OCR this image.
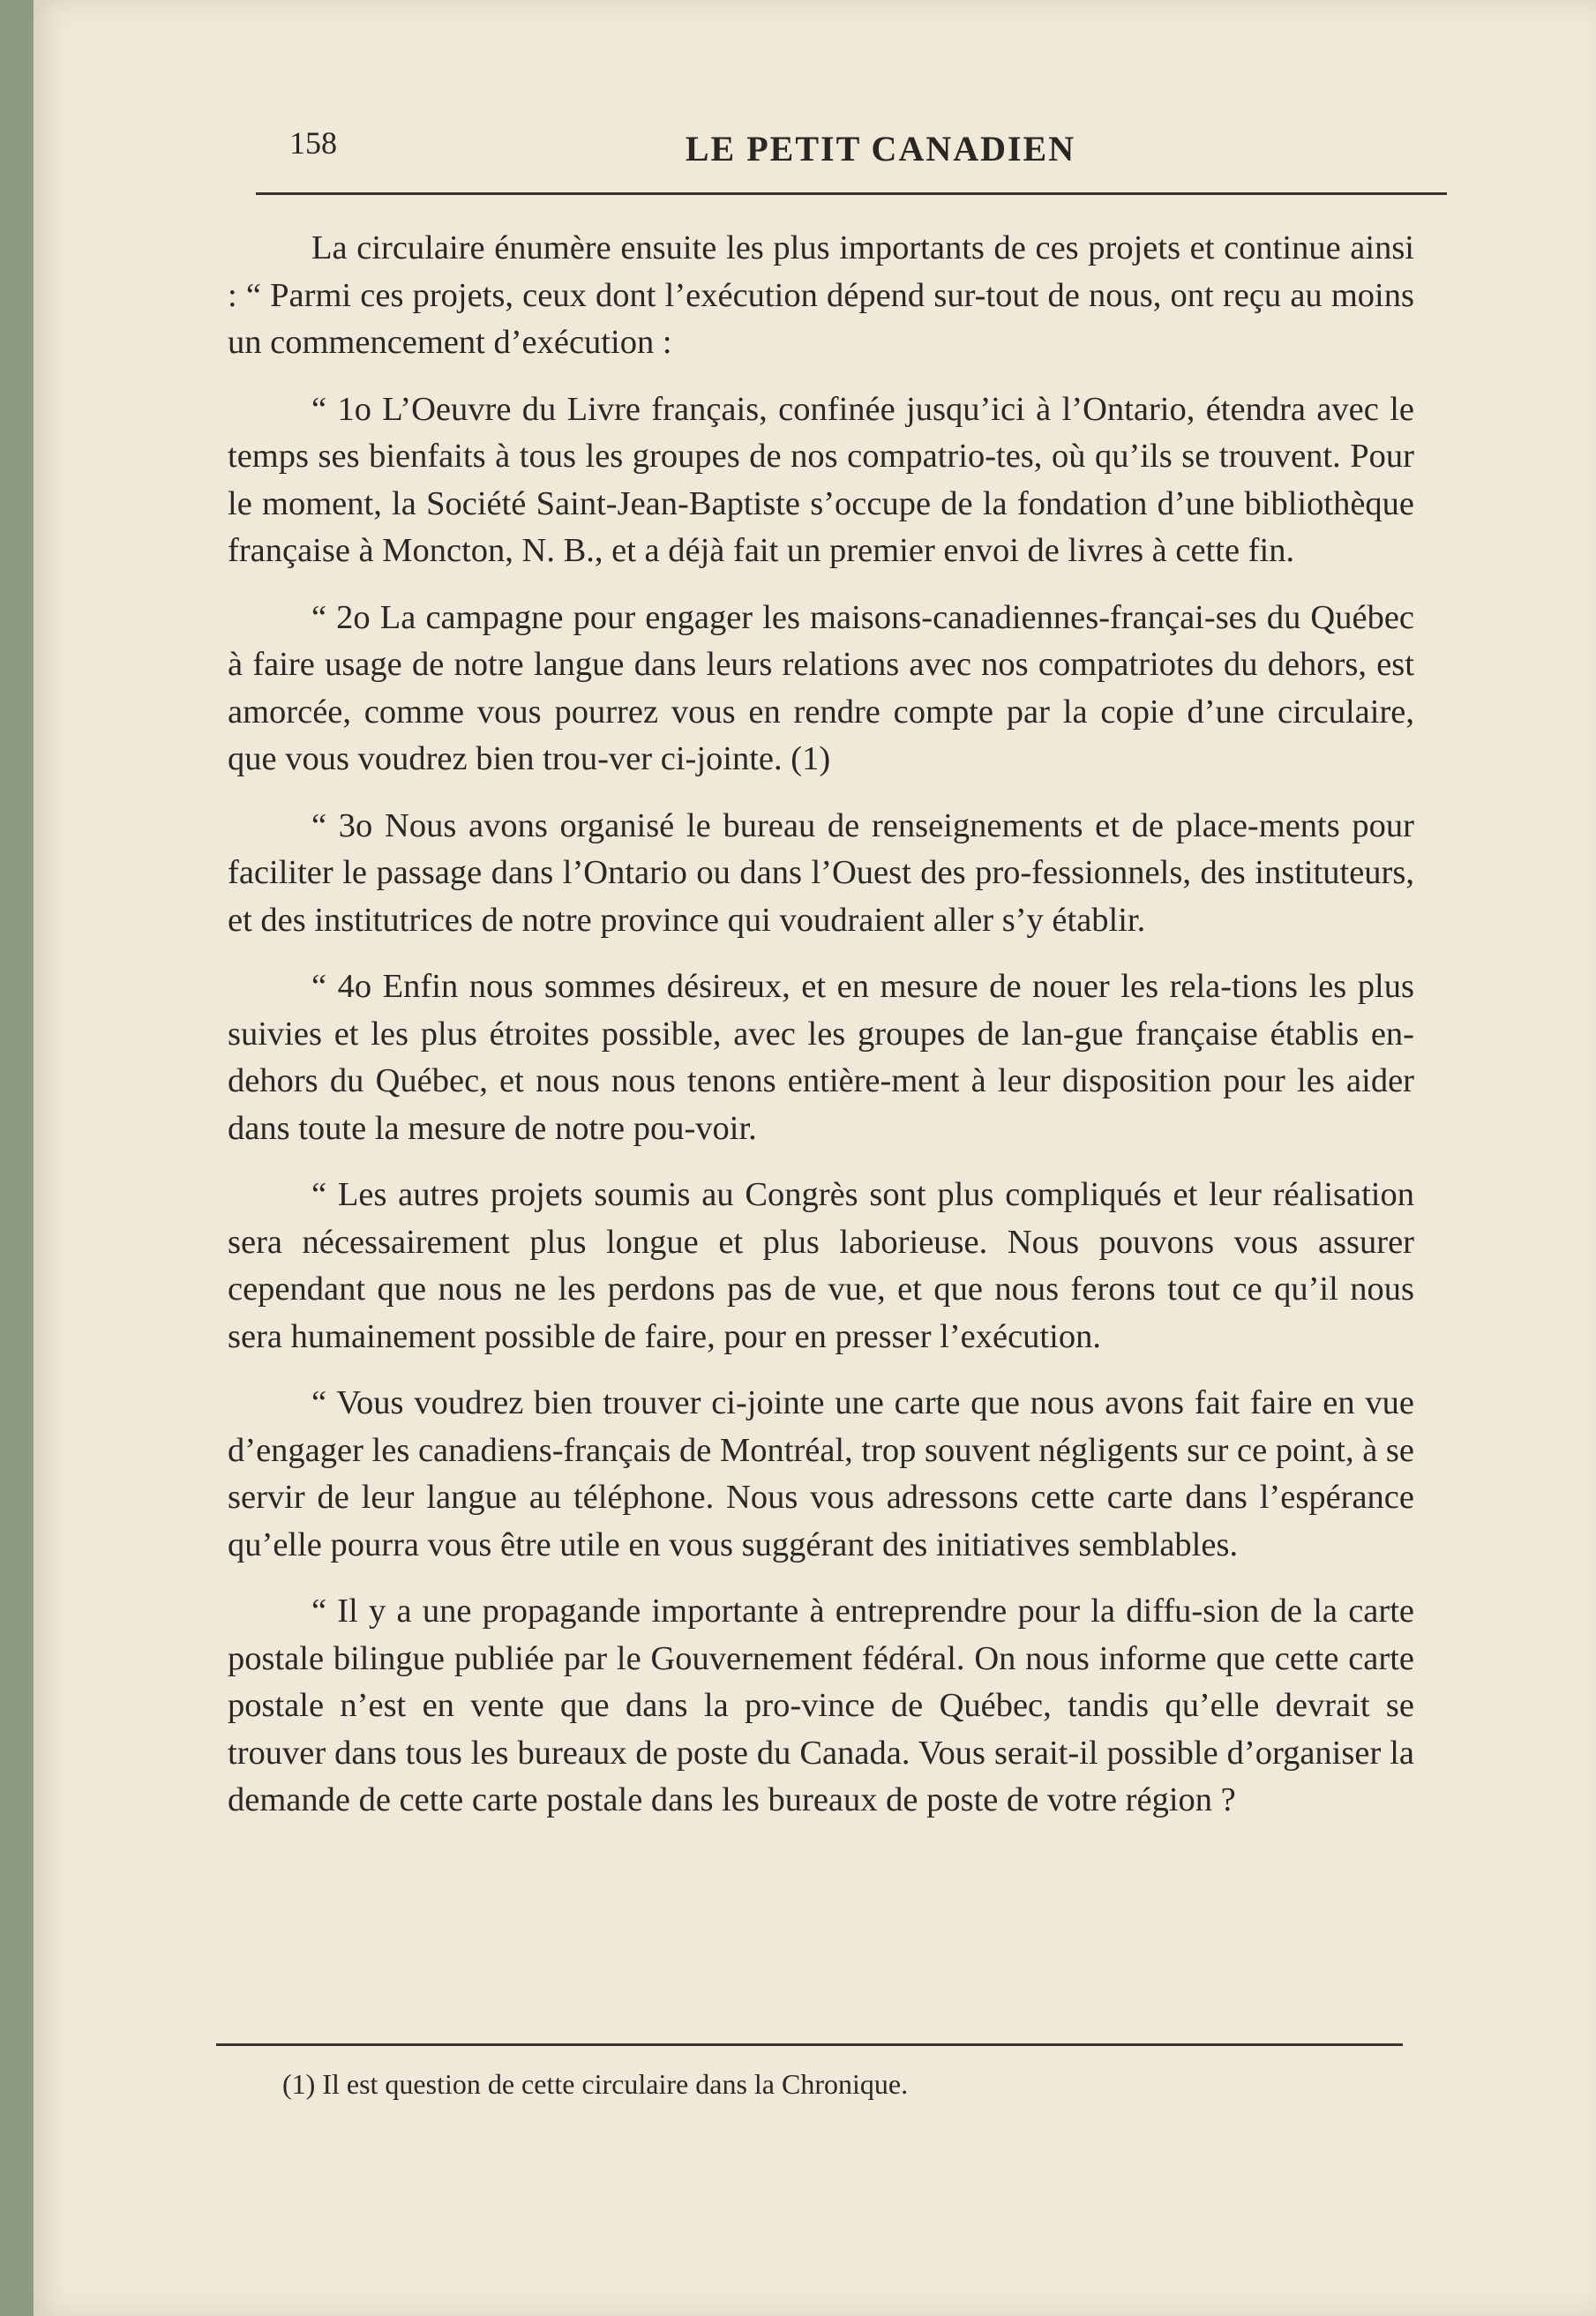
158	LE PETIT CANADIEN

La circulaire énumère ensuite les plus importants de ces projets et continue ainsi : “ Parmi ces projets, ceux dont l’exécution dépend sur-tout de nous, ont reçu au moins un commencement d’exécution :

“ 1o L’Oeuvre du Livre français, confinée jusqu’ici à l’Ontario, étendra avec le temps ses bienfaits à tous les groupes de nos compatrio-tes, où qu’ils se trouvent. Pour le moment, la Société Saint-Jean-Baptiste s’occupe de la fondation d’une bibliothèque française à Moncton, N. B., et a déjà fait un premier envoi de livres à cette fin.

“ 2o La campagne pour engager les maisons-canadiennes-françai-ses du Québec à faire usage de notre langue dans leurs relations avec nos compatriotes du dehors, est amorcée, comme vous pourrez vous en rendre compte par la copie d’une circulaire, que vous voudrez bien trou-ver ci-jointe. (1)

“ 3o Nous avons organisé le bureau de renseignements et de place-ments pour faciliter le passage dans l’Ontario ou dans l’Ouest des pro-fessionnels, des instituteurs, et des institutrices de notre province qui voudraient aller s’y établir.

“ 4o Enfin nous sommes désireux, et en mesure de nouer les rela-tions les plus suivies et les plus étroites possible, avec les groupes de lan-gue française établis en-dehors du Québec, et nous nous tenons entière-ment à leur disposition pour les aider dans toute la mesure de notre pou-voir.

“ Les autres projets soumis au Congrès sont plus compliqués et leur réalisation sera nécessairement plus longue et plus laborieuse. Nous pouvons vous assurer cependant que nous ne les perdons pas de vue, et que nous ferons tout ce qu’il nous sera humainement possible de faire, pour en presser l’exécution.

“ Vous voudrez bien trouver ci-jointe une carte que nous avons fait faire en vue d’engager les canadiens-français de Montréal, trop souvent négligents sur ce point, à se servir de leur langue au téléphone. Nous vous adressons cette carte dans l’espérance qu’elle pourra vous être utile en vous suggérant des initiatives semblables.

“ Il y a une propagande importante à entreprendre pour la diffu-sion de la carte postale bilingue publiée par le Gouvernement fédéral. On nous informe que cette carte postale n’est en vente que dans la pro-vince de Québec, tandis qu’elle devrait se trouver dans tous les bureaux de poste du Canada. Vous serait-il possible d’organiser la demande de cette carte postale dans les bureaux de poste de votre région ?

(1) Il est question de cette circulaire dans la Chronique.
